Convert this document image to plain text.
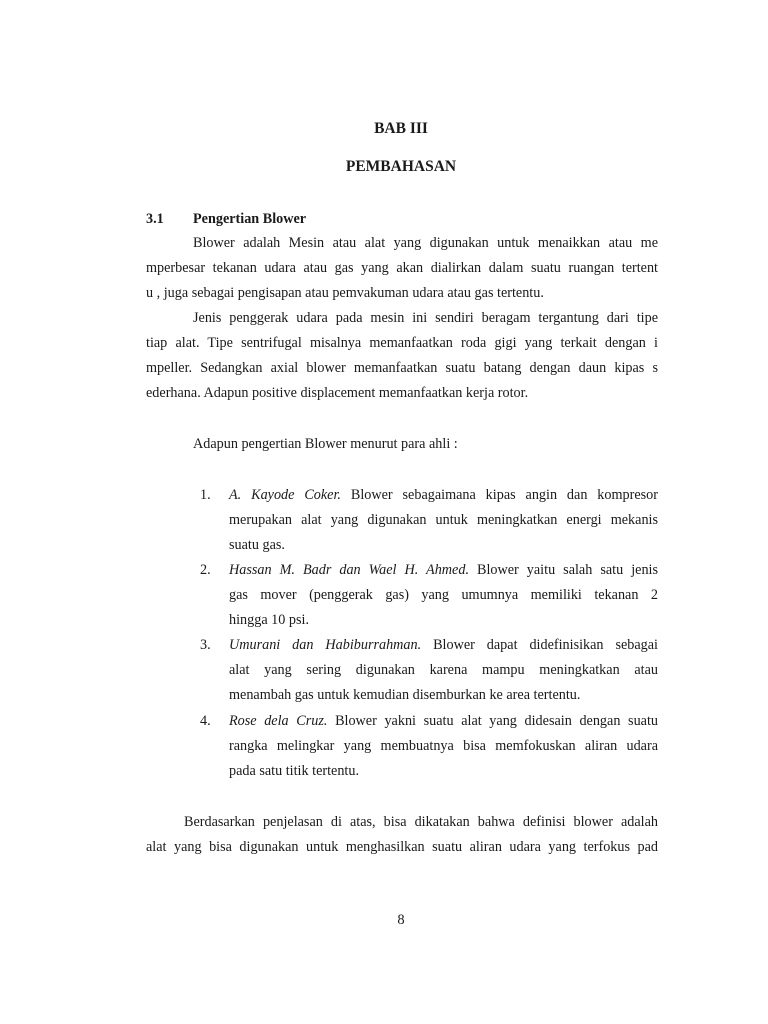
BAB III
PEMBAHASAN
3.1 Pengertian Blower
Blower adalah Mesin atau alat yang digunakan untuk menaikkan atau me
mperbesar tekanan udara atau gas yang akan dialirkan dalam suatu ruangan tertent
u , juga sebagai pengisapan atau pemvakuman udara atau gas tertentu.
Jenis penggerak udara pada mesin ini sendiri beragam tergantung dari tipe
tiap alat. Tipe sentrifugal misalnya memanfaatkan roda gigi yang terkait dengan i
mpeller. Sedangkan axial blower memanfaatkan suatu batang dengan daun kipas s
ederhana. Adapun positive displacement memanfaatkan kerja rotor.
Adapun pengertian Blower menurut para ahli :
1. A. Kayode Coker. Blower sebagaimana kipas angin dan kompresor
merupakan alat yang digunakan untuk meningkatkan energi mekanis
suatu gas.
2. Hassan M. Badr dan Wael H. Ahmed. Blower yaitu salah satu jenis
gas mover (penggerak gas) yang umumnya memiliki tekanan 2
hingga 10 psi.
3. Umurani dan Habiburrahman. Blower dapat didefinisikan sebagai
alat yang sering digunakan karena mampu meningkatkan atau
menambah gas untuk kemudian disemburkan ke area tertentu.
4. Rose dela Cruz. Blower yakni suatu alat yang didesain dengan suatu
rangka melingkar yang membuatnya bisa memfokuskan aliran udara
pada satu titik tertentu.
Berdasarkan penjelasan di atas, bisa dikatakan bahwa definisi blower adalah
alat yang bisa digunakan untuk menghasilkan suatu aliran udara yang terfokus pad
8
